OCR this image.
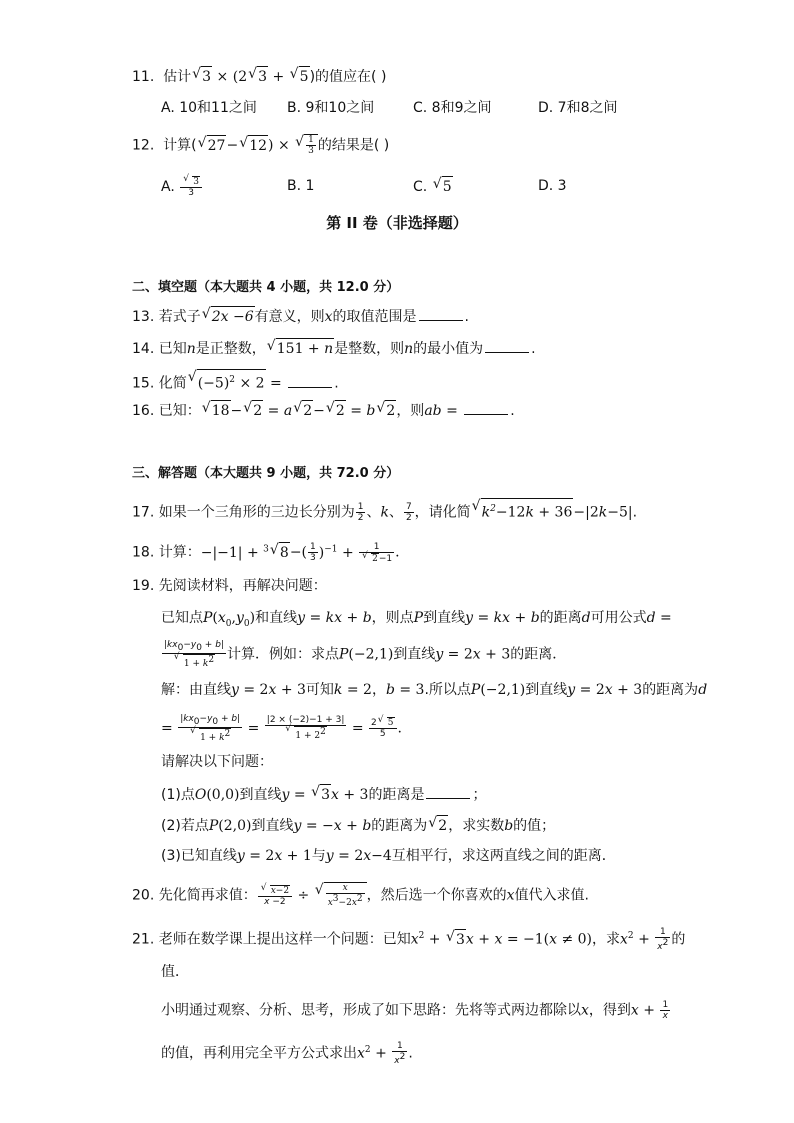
11. 估计 √ 3 × (2 √ 3 + √ 5)的值应在( )
A. 10和11之间 B. 9和10之间	C. 8和9之间	D. 7和8之间
12. 计算( √ 27− √ 12) × √ $\frac{1}{3}$ 的结果是( )
A. √ $\frac{3}{3}$	B. 1	C. √ 5	D. 3
第 II 卷（非选择题）
二、填空题（本大题共 4 小题，共 12.0 分）
13. 若式子 √ 2x −6有意义，则x的取值范围是	.
14. 已知n是正整数， √ 151 + n是整数，则n的最小值为	.
15. 化简 √ $(-5)^2 \times 2$ =	.
16. 已知： √ 18− √ 2 = a √ 2− √ 2 = b √ 2，则ab =	.
三、解答题（本大题共 9 小题，共 72.0 分）
17. 如果一个三角形的三边长分别为 $\frac{1}{2}$ 、k、 $\frac{7}{2}$ ，请化简 √ $k^2-12k + 36-|2k-5|$.
18. 计算：−|−1| + $^3$ √ $8-( \frac{1}{3} )^{-1} + 1$
√ 2−1 .
19. 先阅读材料，再解决问题：
已知点$P(x_0,y_0)$和直线y = kx + b，则点P到直线y = kx + b的距离d可用公式d =
$|kx_0-y_0 + b|$
√ $1 + k^2$ 计算．例如：求点P(−2,1)到直线y = 2x + 3的距离．
解：由直线y = 2x + 3可知k = 2，b = 3.所以点P(−2,1)到直线y = 2x + 3的距离为d
= $|kx_0-y_0 + b|$
√ $1 + k^2 = |2 \times (-2)-1 + 3|$
√ $1 + 2^2 = \frac{2 √ 5}{5}$ .
请解决以下问题：
(1)点O(0,0)到直线y = √ 3x + 3的距离是	；
(2)若点P(2,0)到直线y = −x + b的距离为 √ 2，求实数b的值；
(3)已知直线y = 2x + 1与y = 2x−4互相平行，求这两直线之间的距离．
20. 先化简再求值： √ $\frac{x-2}{x -2}$ ÷ √ $\frac{x}{x^3-2x^2}$ ，然后选一个你喜欢的x值代入求值.
21. 老师在数学课上提出这样一个问题：已知$x^2$ + √ 3x + x = −1(x ≠ 0)，求$x^2 + \frac{1}{x^2}$ 的
值．
小明通过观察、分析、思考，形成了如下思路：先将等式两边都除以x，得到$x + \frac{1}{x}$
的值，再利用完全平方公式求出$x^2 + \frac{1}{x^2}$ .
